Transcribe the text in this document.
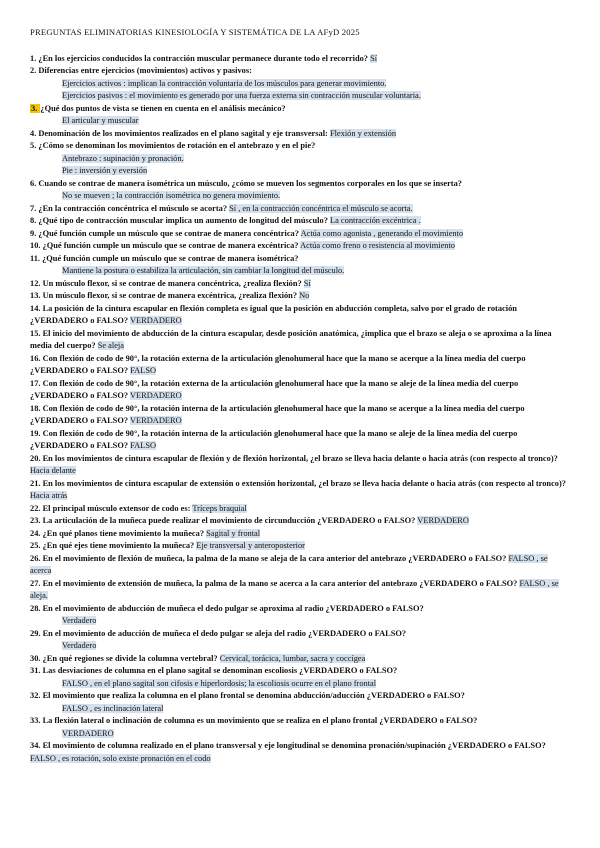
PREGUNTAS ELIMINATORIAS KINESIOLOGÍA Y SISTEMÁTICA DE LA AFyD 2025
1. ¿En los ejercicios conducidos la contracción muscular permanece durante todo el recorrido? Sí
2. Diferencias entre ejercicios (movimientos) activos y pasivos:
Ejercicios activos : implican la contracción voluntaria de los músculos para generar movimiento.
Ejercicios pasivos : el movimiento es generado por una fuerza externa sin contracción muscular voluntaria.
3. ¿Qué dos puntos de vista se tienen en cuenta en el análisis mecánico?
El articular y muscular
4. Denominación de los movimientos realizados en el plano sagital y eje transversal: Flexión y extensión
5. ¿Cómo se denominan los movimientos de rotación en el antebrazo y en el pie?
Antebrazo : supinación y pronación.
Pie : inversión y eversión
6. Cuando se contrae de manera isométrica un músculo, ¿cómo se mueven los segmentos corporales en los que se inserta?
No se mueven ; la contracción isométrica no genera movimiento.
7. ¿En la contracción concéntrica el músculo se acorta? Sí , en la contracción concéntrica el músculo se acorta.
8. ¿Qué tipo de contracción muscular implica un aumento de longitud del músculo? La contracción excéntrica .
9. ¿Qué función cumple un músculo que se contrae de manera concéntrica? Actúa como agonista , generando el movimiento
10. ¿Qué función cumple un músculo que se contrae de manera excéntrica? Actúa como freno o resistencia al movimiento
11. ¿Qué función cumple un músculo que se contrae de manera isométrica?
Mantiene la postura o estabiliza la articulación, sin cambiar la longitud del músculo.
12. Un músculo flexor, si se contrae de manera concéntrica, ¿realiza flexión? Sí
13. Un músculo flexor, si se contrae de manera excéntrica, ¿realiza flexión? No
14. La posición de la cintura escapular en flexión completa es igual que la posición en abducción completa, salvo por el grado de rotación ¿VERDADERO o FALSO? VERDADERO
15. El inicio del movimiento de abducción de la cintura escapular, desde posición anatómica, ¿implica que el brazo se aleja o se aproxima a la línea media del cuerpo? Se aleja
16. Con flexión de codo de 90°, la rotación externa de la articulación glenohumeral hace que la mano se acerque a la línea media del cuerpo ¿VERDADERO o FALSO? FALSO
17. Con flexión de codo de 90°, la rotación externa de la articulación glenohumeral hace que la mano se aleje de la línea media del cuerpo ¿VERDADERO o FALSO? VERDADERO
18. Con flexión de codo de 90°, la rotación interna de la articulación glenohumeral hace que la mano se acerque a la línea media del cuerpo ¿VERDADERO o FALSO? VERDADERO
19. Con flexión de codo de 90°, la rotación interna de la articulación glenohumeral hace que la mano se aleje de la línea media del cuerpo ¿VERDADERO o FALSO? FALSO
20. En los movimientos de cintura escapular de flexión y de flexión horizontal, ¿el brazo se lleva hacia delante o hacia atrás (con respecto al tronco)? Hacia delante
21. En los movimientos de cintura escapular de extensión o extensión horizontal, ¿el brazo se lleva hacia delante o hacia atrás (con respecto al tronco)? Hacia atrás
22. El principal músculo extensor de codo es: Tríceps braquial
23. La articulación de la muñeca puede realizar el movimiento de circunducción ¿VERDADERO o FALSO? VERDADERO
24. ¿En qué planos tiene movimiento la muñeca? Sagital y frontal
25. ¿En qué ejes tiene movimiento la muñeca? Eje transversal y anteroposterior
26. En el movimiento de flexión de muñeca, la palma de la mano se aleja de la cara anterior del antebrazo ¿VERDADERO o FALSO? FALSO , se acerca
27. En el movimiento de extensión de muñeca, la palma de la mano se acerca a la cara anterior del antebrazo ¿VERDADERO o FALSO? FALSO , se aleja.
28. En el movimiento de abducción de muñeca el dedo pulgar se aproxima al radio ¿VERDADERO o FALSO?
Verdadero
29. En el movimiento de aducción de muñeca el dedo pulgar se aleja del radio ¿VERDADERO o FALSO?
Verdadero
30. ¿En qué regiones se divide la columna vertebral? Cervical, torácica, lumbar, sacra y coccígea
31. Las desviaciones de columna en el plano sagital se denominan escoliosis ¿VERDADERO o FALSO?
FALSO , en el plano sagital son cifosis e hiperlordosis; la escoliosis ocurre en el plano frontal
32. El movimiento que realiza la columna en el plano frontal se denomina abducción/aducción ¿VERDADERO o FALSO?
FALSO , es inclinación lateral
33. La flexión lateral o inclinación de columna es un movimiento que se realiza en el plano frontal ¿VERDADERO o FALSO?
VERDADERO
34. El movimiento de columna realizado en el plano transversal y eje longitudinal se denomina pronación/supinación ¿VERDADERO o FALSO? FALSO , es rotación, solo existe pronación en el codo
